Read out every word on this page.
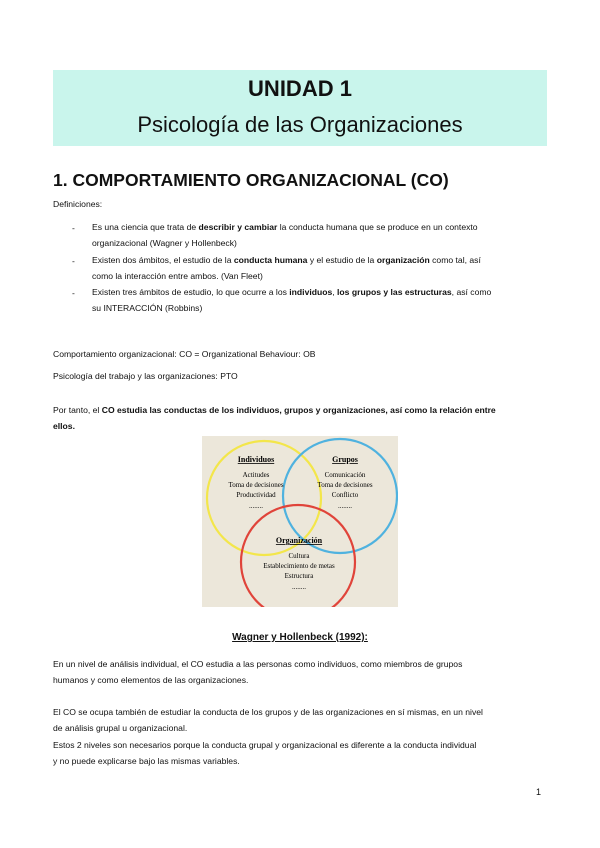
UNIDAD 1
Psicología de las Organizaciones
1. COMPORTAMIENTO ORGANIZACIONAL (CO)
Definiciones:
- Es una ciencia que trata de describir y cambiar la conducta humana que se produce en un contexto
organizacional (Wagner y Hollenbeck)
- Existen dos ámbitos, el estudio de la conducta humana y el estudio de la organización como tal, así
como la interacción entre ambos. (Van Fleet)
- Existen tres ámbitos de estudio, lo que ocurre a los individuos, los grupos y las estructuras, así como
su INTERACCIÓN (Robbins)
Comportamiento organizacional: CO = Organizational Behaviour: OB
Psicología del trabajo y las organizaciones: PTO
Por tanto, el CO estudia las conductas de los individuos, grupos y organizaciones, así como la relación entre
ellos.
Individuos
Actitudes
Toma de decisiones
Productividad
........
Grupos
Comunicación
Toma de decisiones
Conflicto
........
Organización
Cultura
Establecimiento de metas
Estructura
........
Wagner y Hollenbeck (1992):
En un nivel de análisis individual, el CO estudia a las personas como individuos, como miembros de grupos
humanos y como elementos de las organizaciones.
El CO se ocupa también de estudiar la conducta de los grupos y de las organizaciones en sí mismas, en un nivel
de análisis grupal u organizacional.
Estos 2 niveles son necesarios porque la conducta grupal y organizacional es diferente a la conducta individual
y no puede explicarse bajo las mismas variables.
1
